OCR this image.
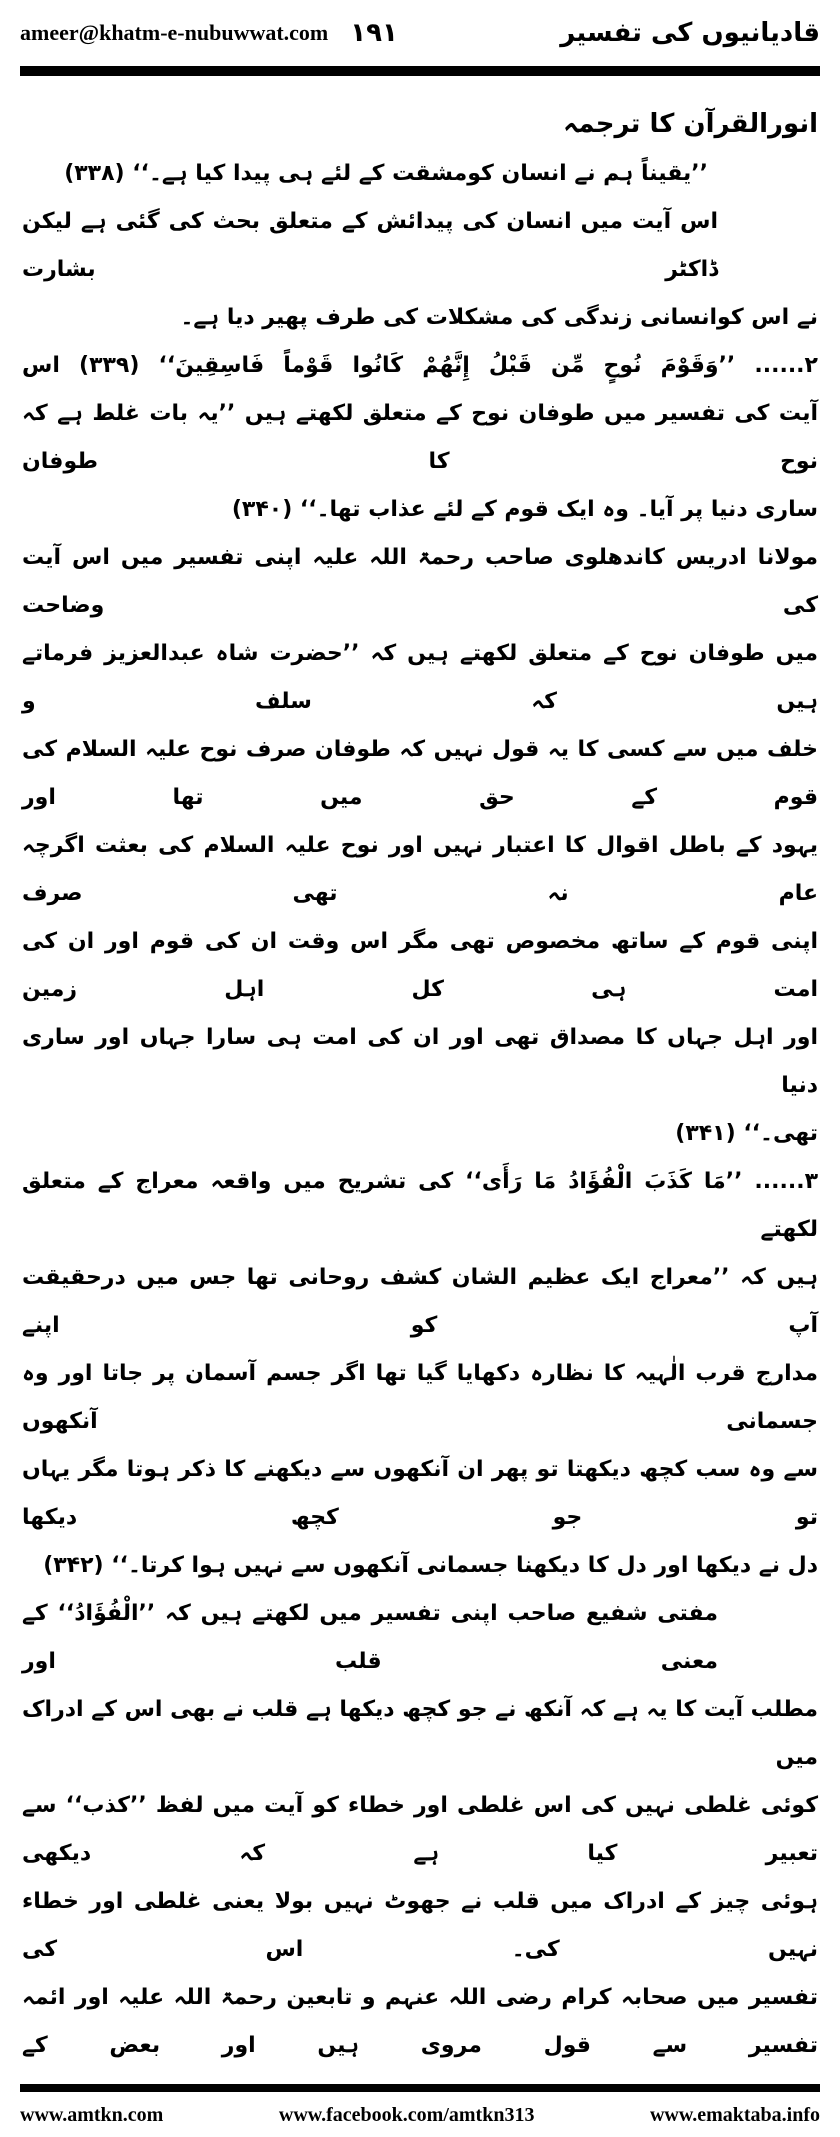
ameer@khatm-e-nubuwwat.com ۱۹۱	قادیانیوں کی تفسیر
انورالقرآن کا ترجمہ
’’یقیناً ہم نے انسان کومشقت کے لئے ہی پیدا کیا ہے۔‘‘ (۳۳۸)
اس آیت میں انسان کی پیدائش کے متعلق بحث کی گئی ہے لیکن ڈاکٹر بشارت
نے اس کوانسانی زندگی کی مشکلات کی طرف پھیر دیا ہے۔
۲...... ’’وَقَوْمَ نُوحٍ مِّن قَبْلُ إِنَّهُمْ كَانُوا قَوْماً فَاسِقِينَ‘‘ (۳۳۹) اس
آیت کی تفسیر میں طوفان نوح کے متعلق لکھتے ہیں ’’یہ بات غلط ہے کہ نوح کا طوفان
ساری دنیا پر آیا۔ وہ ایک قوم کے لئے عذاب تھا۔‘‘ (۳۴۰)
مولانا ادریس کاندھلوی صاحب رحمۃ اللہ علیہ اپنی تفسیر میں اس آیت کی وضاحت
میں طوفان نوح کے متعلق لکھتے ہیں کہ ’’حضرت شاہ عبدالعزیز فرماتے ہیں کہ سلف و
خلف میں سے کسی کا یہ قول نہیں کہ طوفان صرف نوح علیہ السلام کی قوم کے حق میں تھا اور
یہود کے باطل اقوال کا اعتبار نہیں اور نوح علیہ السلام کی بعثت اگرچہ عام نہ تھی صرف
اپنی قوم کے ساتھ مخصوص تھی مگر اس وقت ان کی قوم اور ان کی امت ہی کل اہل زمین
اور اہل جہاں کا مصداق تھی اور ان کی امت ہی سارا جہاں اور ساری دنیا
تھی۔‘‘ (۳۴۱)
۳...... ’’مَا كَذَبَ الْفُؤَادُ مَا رَأَى‘‘ کی تشریح میں واقعہ معراج کے متعلق لکھتے
ہیں کہ ’’معراج ایک عظیم الشان کشف روحانی تھا جس میں درحقیقت آپ کو اپنے
مدارج قرب الٰہیہ کا نظارہ دکھایا گیا تھا اگر جسم آسمان پر جاتا اور وہ جسمانی آنکھوں
سے وہ سب کچھ دیکھتا تو پھر ان آنکھوں سے دیکھنے کا ذکر ہوتا مگر یہاں تو جو کچھ دیکھا
دل نے دیکھا اور دل کا دیکھنا جسمانی آنکھوں سے نہیں ہوا کرتا۔‘‘ (۳۴۲)
مفتی شفیع صاحب اپنی تفسیر میں لکھتے ہیں کہ ’’الْفُؤَادُ‘‘ کے معنی قلب اور
مطلب آیت کا یہ ہے کہ آنکھ نے جو کچھ دیکھا ہے قلب نے بھی اس کے ادراک میں
کوئی غلطی نہیں کی اس غلطی اور خطاء کو آیت میں لفظ ’’کذب‘‘ سے تعبیر کیا ہے کہ دیکھی
ہوئی چیز کے ادراک میں قلب نے جھوٹ نہیں بولا یعنی غلطی اور خطاء نہیں کی۔ اس کی
تفسیر میں صحابہ کرام رضی اللہ عنہم و تابعین رحمۃ اللہ علیہ اور ائمہ تفسیر سے قول مروی ہیں اور بعض کے
www.amtkn.com	www.facebook.com/amtkn313	www.emaktaba.info
